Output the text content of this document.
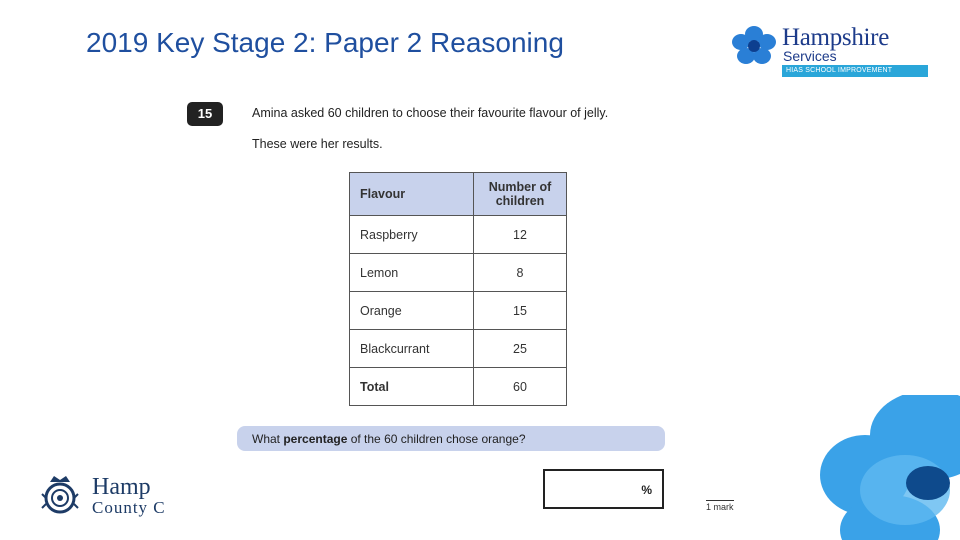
2019 Key Stage 2: Paper 2 Reasoning	Hampshire
Services
HIAS SCHOOL IMPROVEMENT
15	Amina asked 60 children to choose their favourite flavour of jelly.
These were her results.
Flavour	Number of children
Raspberry	12
Lemon	8
Orange	15
Blackcurrant	25
Total	60
What percentage of the 60 children chose orange?
%
1 mark
Hamp
County C
